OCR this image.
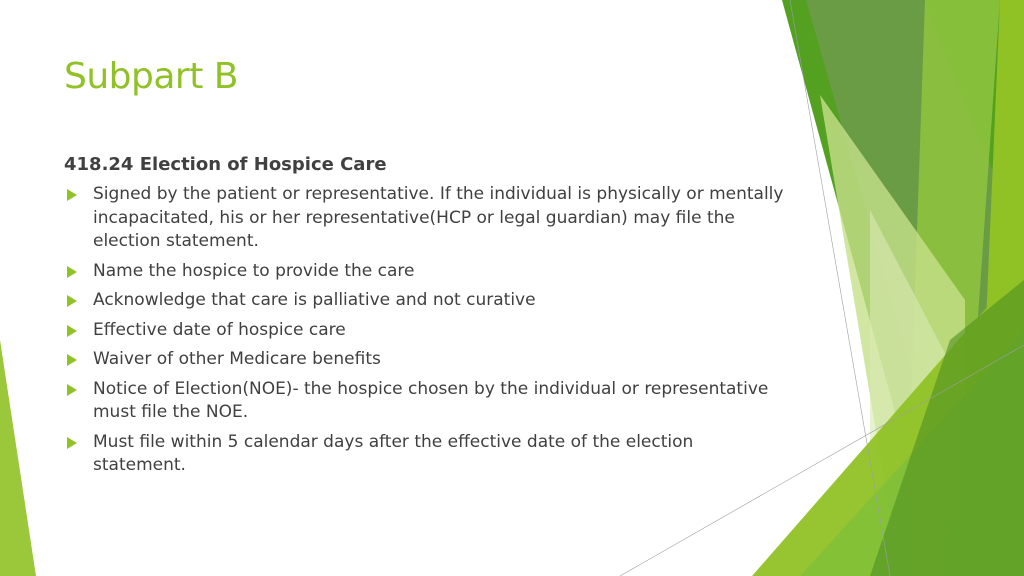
Subpart B
418.24 Election of Hospice Care
Signed by the patient or representative. If the individual is physically or mentally incapacitated, his or her representative(HCP or legal guardian) may file the election statement.
Name the hospice to provide the care
Acknowledge that care is palliative and not curative
Effective date of hospice care
Waiver of other Medicare benefits
Notice of Election(NOE)- the hospice chosen by the individual or representative must file the NOE.
Must file within 5 calendar days after the effective date of the election statement.
